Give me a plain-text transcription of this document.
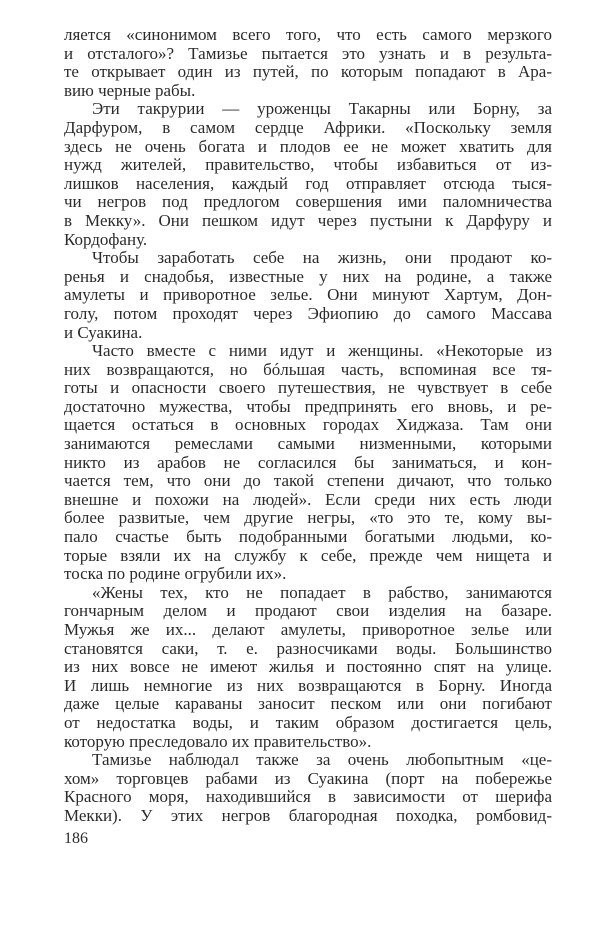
ляется «синонимом всего того, что есть самого мерзкого
и отсталого»? Тамизье пытается это узнать и в результа-
те открывает один из путей, по которым попадают в Ара-
вию черные рабы.
Эти такрурии — уроженцы Такарны или Борну, за
Дарфуром, в самом сердце Африки. «Поскольку земля
здесь не очень богата и плодов ее не может хватить для
нужд жителей, правительство, чтобы избавиться от из-
лишков населения, каждый год отправляет отсюда тыся-
чи негров под предлогом совершения ими паломничества
в Мекку». Они пешком идут через пустыни к Дарфуру и
Кордофану.
Чтобы заработать себе на жизнь, они продают ко-
ренья и снадобья, известные у них на родине, а также
амулеты и приворотное зелье. Они минуют Хартум, Дон-
голу, потом проходят через Эфиопию до самого Массава
и Суакина.
Часто вместе с ними идут и женщины. «Некоторые из
них возвращаются, но бóльшая часть, вспоминая все тя-
готы и опасности своего путешествия, не чувствует в себе
достаточно мужества, чтобы предпринять его вновь, и ре-
щается остаться в основных городах Хиджаза. Там они
занимаются ремеслами самыми низменными, которыми
никто из арабов не согласился бы заниматься, и кон-
чается тем, что они до такой степени дичают, что только
внешне и похожи на людей». Если среди них есть люди
более развитые, чем другие негры, «то это те, кому вы-
пало счастье быть подобранными богатыми людьми, ко-
торые взяли их на службу к себе, прежде чем нищета и
тоска по родине огрубили их».
«Жены тех, кто не попадает в рабство, занимаются
гончарным делом и продают свои изделия на базаре.
Мужья же их... делают амулеты, приворотное зелье или
становятся саки, т. е. разносчиками воды. Большинство
из них вовсе не имеют жилья и постоянно спят на улице.
И лишь немногие из них возвращаются в Борну. Иногда
даже целые караваны заносит песком или они погибают
от недостатка воды, и таким образом достигается цель,
которую преследовало их правительство».
Тамизье наблюдал также за очень любопытным «це-
хом» торговцев рабами из Суакина (порт на побережье
Красного моря, находившийся в зависимости от шерифа
Мекки). У этих негров благородная походка, ромбовид-
186
